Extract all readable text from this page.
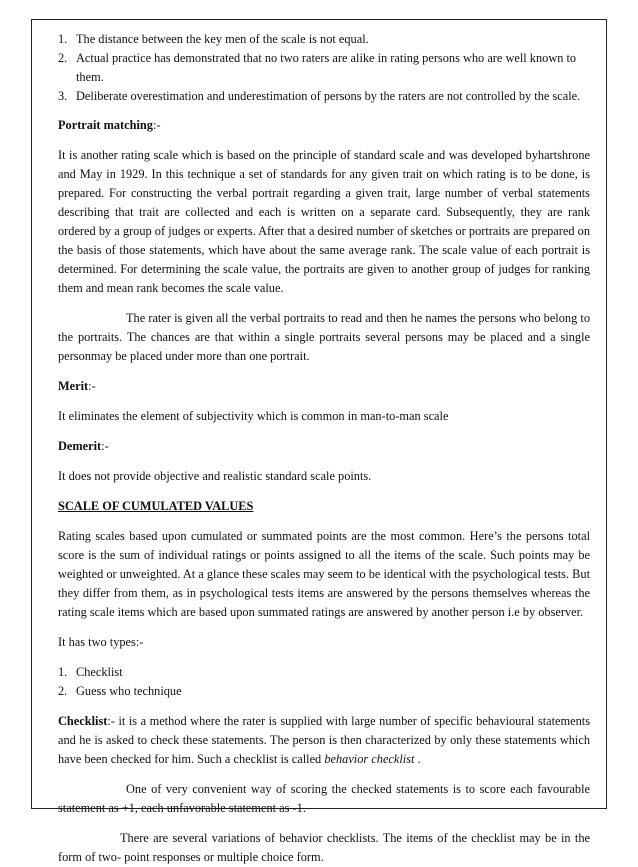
1. The distance between the key men of the scale is not equal.
2. Actual practice has demonstrated that no two raters are alike in rating persons who are well known to them.
3. Deliberate overestimation and underestimation of persons by the raters are not controlled by the scale.

Portrait matching:-

It is another rating scale which is based on the principle of standard scale and was developed byhartshrone and May in 1929. In this technique a set of standards for any given trait on which rating is to be done, is prepared. For constructing the verbal portrait regarding a given trait, large number of verbal statements describing that trait are collected and each is written on a separate card. Subsequently, they are rank ordered by a group of judges or experts. After that a desired number of sketches or portraits are prepared on the basis of those statements, which have about the same average rank. The scale value of each portrait is determined. For determining the scale value, the portraits are given to another group of judges for ranking them and mean rank becomes the scale value.

The rater is given all the verbal portraits to read and then he names the persons who belong to the portraits. The chances are that within a single portraits several persons may be placed and a single personmay be placed under more than one portrait.

Merit:-

It eliminates the element of subjectivity which is common in man-to-man scale

Demerit:-

It does not provide objective and realistic standard scale points.

SCALE OF CUMULATED VALUES

Rating scales based upon cumulated or summated points are the most common. Here’s the persons total score is the sum of individual ratings or points assigned to all the items of the scale. Such points may be weighted or unweighted. At a glance these scales may seem to be identical with the psychological tests. But they differ from them, as in psychological tests items are answered by the persons themselves whereas the rating scale items which are based upon summated ratings are answered by another person i.e by observer.

It has two types:-

1. Checklist
2. Guess who technique

Checklist:- it is a method where the rater is supplied with large number of specific behavioural statements and he is asked to check these statements. The person is then characterized by only these statements which have been checked for him. Such a checklist is called behavior checklist .

One of very convenient way of scoring the checked statements is to score each favourable statement as +1, each unfavorable statement as -1.

There are several variations of behavior checklists. The items of the checklist may be in the form of two- point responses or multiple choice form.
